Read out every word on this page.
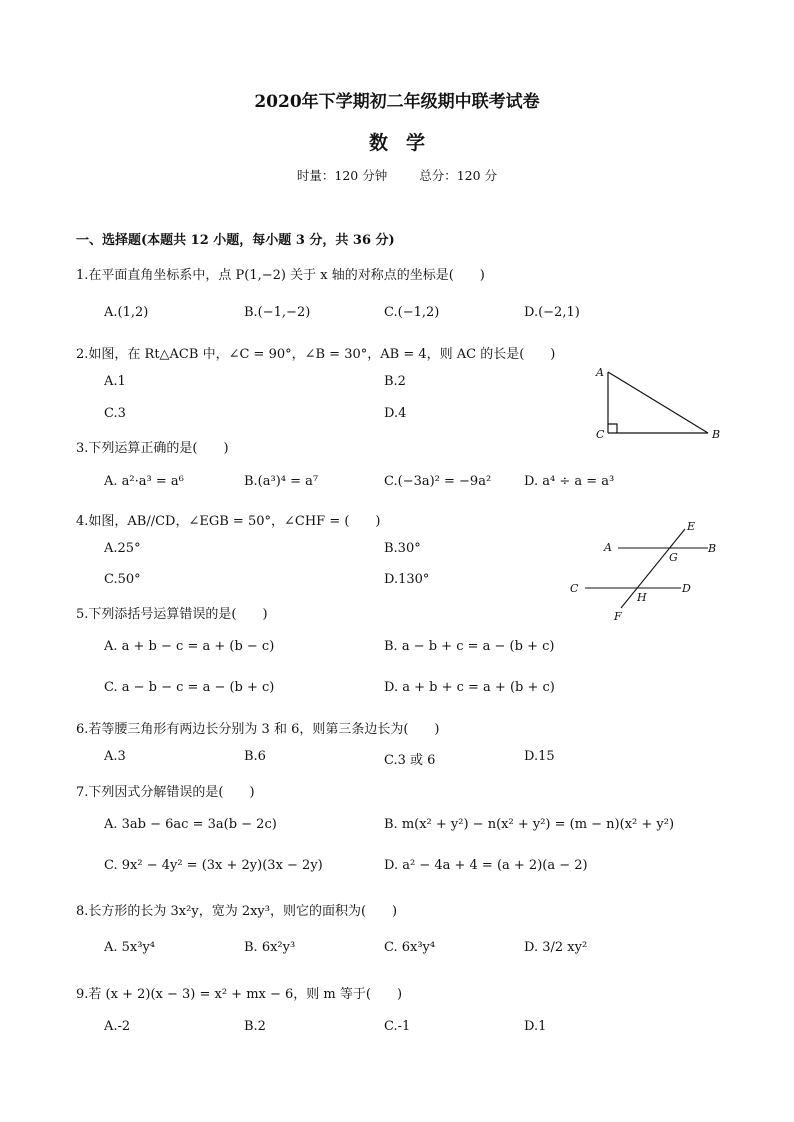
2020年下学期初二年级期中联考试卷
数学
时量：120 分钟	总分：120 分
一、选择题(本题共 12 小题，每小题 3 分，共 36 分)
1.在平面直角坐标系中，点 P(1,−2) 关于 x 轴的对称点的坐标是(　　)
A.(1,2)	B.(−1,−2)	C.(−1,2)	D.(−2,1)
2.如图，在 Rt△ACB 中，∠C = 90°，∠B = 30°，AB = 4，则 AC 的长是(　　)
A.1	B.2
C.3	D.4
A
C	B
3.下列运算正确的是(　　)
A. a²·a³ = a⁶	B.(a³)⁴ = a⁷	C.(−3a)² = −9a²	D. a⁴ ÷ a = a³
4.如图，AB//CD，∠EGB = 50°，∠CHF = (　　)
A.25°	B.30°
C.50°	D.130°
E
A
G
B
C
H
D
F
5.下列添括号运算错误的是(　　)
A. a + b − c = a + (b − c)	B. a − b + c = a − (b + c)
C. a − b − c = a − (b + c)	D. a + b + c = a + (b + c)
6.若等腰三角形有两边长分别为 3 和 6，则第三条边长为(　　)
A.3	B.6	C.3 或 6	D.15
7.下列因式分解错误的是(　　)
A. 3ab − 6ac = 3a(b − 2c)	B. m(x² + y²) − n(x² + y²) = (m − n)(x² + y²)
C. 9x² − 4y² = (3x + 2y)(3x − 2y)	D. a² − 4a + 4 = (a + 2)(a − 2)
8.长方形的长为 3x²y，宽为 2xy³，则它的面积为(　　)
A. 5x³y⁴	B. 6x²y³	C. 6x³y⁴	D. 3/2 xy²
9.若 (x + 2)(x − 3) = x² + mx − 6，则 m 等于(　　)
A.-2	B.2	C.-1	D.1
